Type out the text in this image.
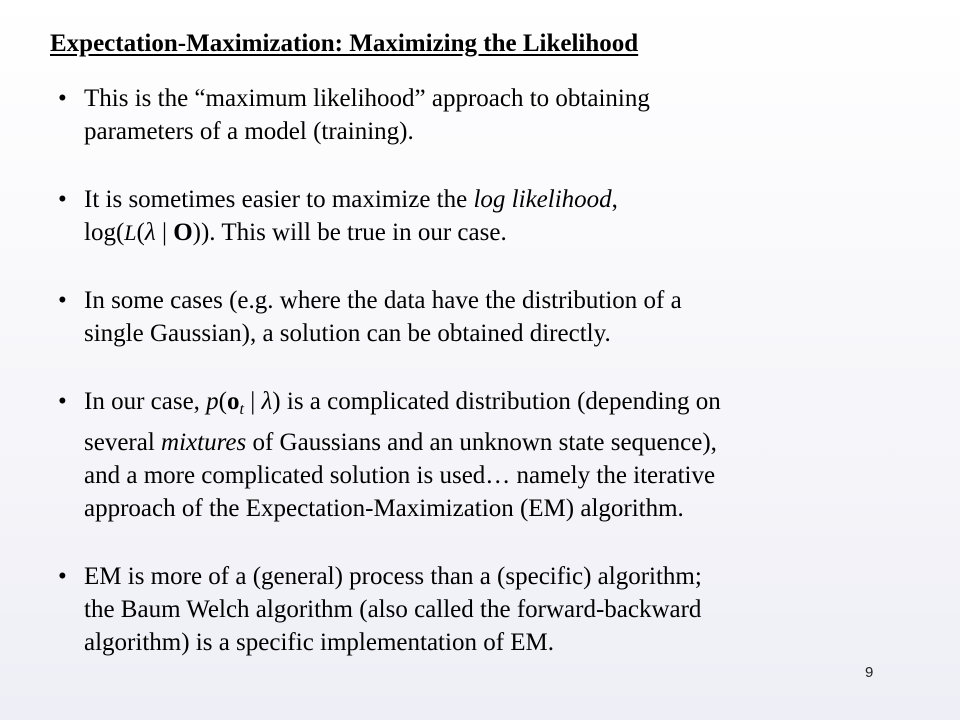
Expectation-Maximization: Maximizing the Likelihood
• This is the “maximum likelihood” approach to obtaining
parameters of a model (training).
• It is sometimes easier to maximize the log likelihood,
log(L(λ | O)). This will be true in our case.
• In some cases (e.g. where the data have the distribution of a
single Gaussian), a solution can be obtained directly.
• In our case, $p(o_t$ | λ) is a complicated distribution (depending on
several mixtures of Gaussians and an unknown state sequence),
and a more complicated solution is used… namely the iterative
approach of the Expectation-Maximization (EM) algorithm.
• EM is more of a (general) process than a (specific) algorithm;
the Baum Welch algorithm (also called the forward-backward
algorithm) is a specific implementation of EM.
9
